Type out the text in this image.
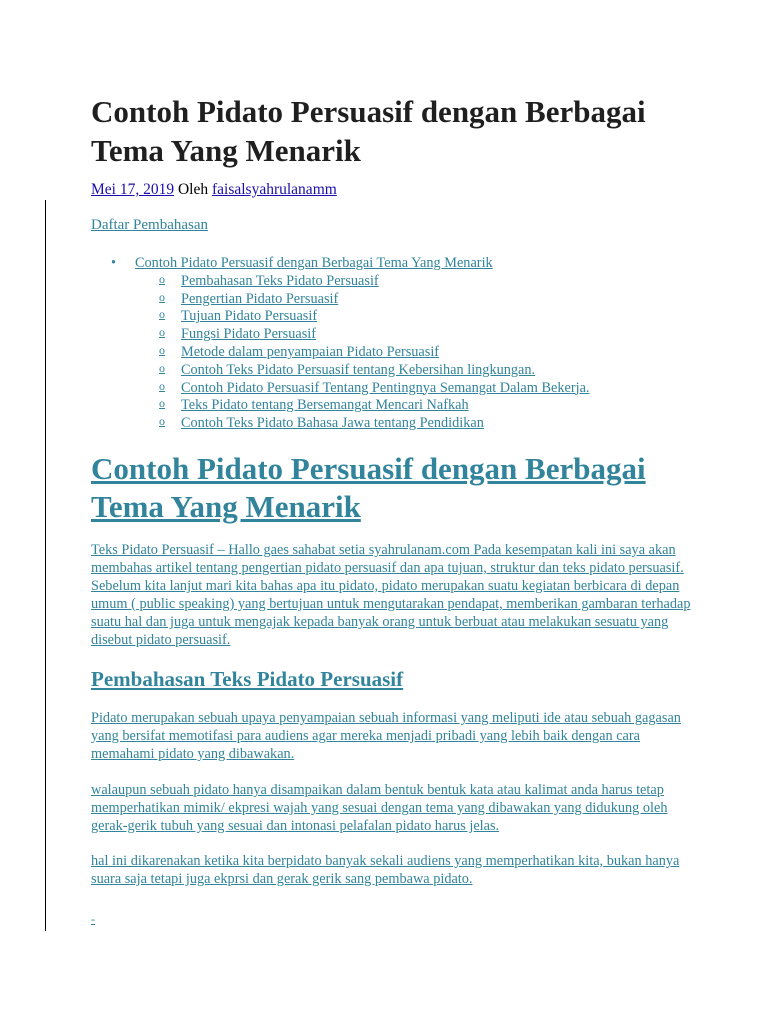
Contoh Pidato Persuasif dengan Berbagai Tema Yang Menarik
Mei 17, 2019 Oleh faisalsyahrulanamm
Daftar Pembahasan
• Contoh Pidato Persuasif dengan Berbagai Tema Yang Menarik
o Pembahasan Teks Pidato Persuasif
o Pengertian Pidato Persuasif
o Tujuan Pidato Persuasif
o Fungsi Pidato Persuasif
o Metode dalam penyampaian Pidato Persuasif
o Contoh Teks Pidato Persuasif tentang Kebersihan lingkungan.
o Contoh Pidato Persuasif Tentang Pentingnya Semangat Dalam Bekerja.
o Teks Pidato tentang Bersemangat Mencari Nafkah
o Contoh Teks Pidato Bahasa Jawa tentang Pendidikan
Contoh Pidato Persuasif dengan Berbagai Tema Yang Menarik

Teks Pidato Persuasif – Hallo gaes sahabat setia syahrulanam.com Pada kesempatan kali ini saya akan membahas artikel tentang pengertian pidato persuasif dan apa tujuan, struktur dan teks pidato persuasif. Sebelum kita lanjut mari kita bahas apa itu pidato, pidato merupakan suatu kegiatan berbicara di depan umum ( public speaking) yang bertujuan untuk mengutarakan pendapat, memberikan gambaran terhadap suatu hal dan juga untuk mengajak kepada banyak orang untuk berbuat atau melakukan sesuatu yang disebut pidato persuasif.

Pembahasan Teks Pidato Persuasif

Pidato merupakan sebuah upaya penyampaian sebuah informasi yang meliputi ide atau sebuah gagasan yang bersifat memotifasi para audiens agar mereka menjadi pribadi yang lebih baik dengan cara memahami pidato yang dibawakan.

walaupun sebuah pidato hanya disampaikan dalam bentuk bentuk kata atau kalimat anda harus tetap memperhatikan mimik/ ekpresi wajah yang sesuai dengan tema yang dibawakan yang didukung oleh gerak-gerik tubuh yang sesuai dan intonasi pelafalan pidato harus jelas.

hal ini dikarenakan ketika kita berpidato banyak sekali audiens yang memperhatikan kita, bukan hanya suara saja tetapi juga ekprsi dan gerak gerik sang pembawa pidato.

-
